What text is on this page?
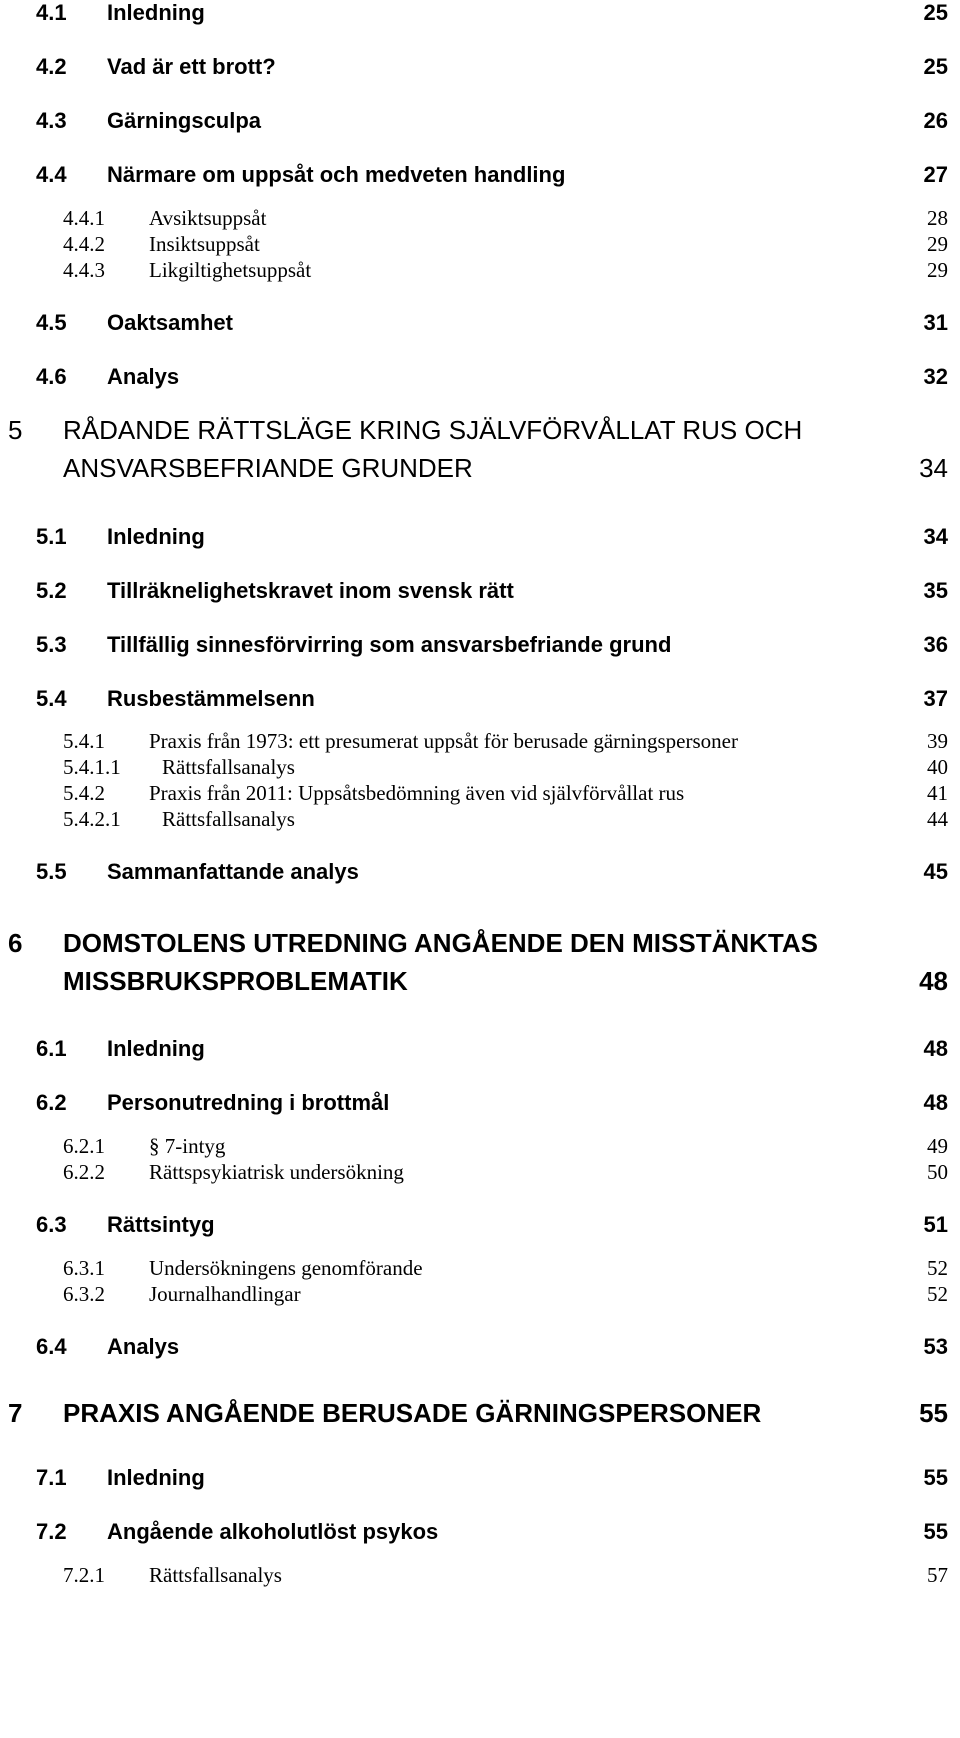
4.1 Inledning	25
4.2 Vad är ett brott?	25
4.3 Gärningsculpa	26
4.4 Närmare om uppsåt och medveten handling	27
4.4.1 Avsiktsuppsåt	28
4.4.2 Insiktsuppsåt	29
4.4.3 Likgiltighetsuppsåt	29
4.5 Oaktsamhet	31
4.6 Analys	32
5 RÅDANDE RÄTTSLÄGE KRING SJÄLVFÖRVÅLLAT RUS OCH
ANSVARSBEFRIANDE GRUNDER	34
5.1 Inledning	34
5.2 Tillräknelighetskravet inom svensk rätt	35
5.3 Tillfällig sinnesförvirring som ansvarsbefriande grund	36
5.4 Rusbestämmelsenn	37
5.4.1 Praxis från 1973: ett presumerat uppsåt för berusade gärningspersoner	39
5.4.1.1 Rättsfallsanalys	40
5.4.2 Praxis från 2011: Uppsåtsbedömning även vid självförvållat rus	41
5.4.2.1 Rättsfallsanalys	44
5.5 Sammanfattande analys	45
6 DOMSTOLENS UTREDNING ANGÅENDE DEN MISSTÄNKTAS
MISSBRUKSPROBLEMATIK	48
6.1 Inledning	48
6.2 Personutredning i brottmål	48
6.2.1 § 7-intyg	49
6.2.2 Rättspsykiatrisk undersökning	50
6.3 Rättsintyg	51
6.3.1 Undersökningens genomförande	52
6.3.2 Journalhandlingar	52
6.4 Analys	53
7 PRAXIS ANGÅENDE BERUSADE GÄRNINGSPERSONER	55
7.1 Inledning	55
7.2 Angående alkoholutlöst psykos	55
7.2.1 Rättsfallsanalys	57
